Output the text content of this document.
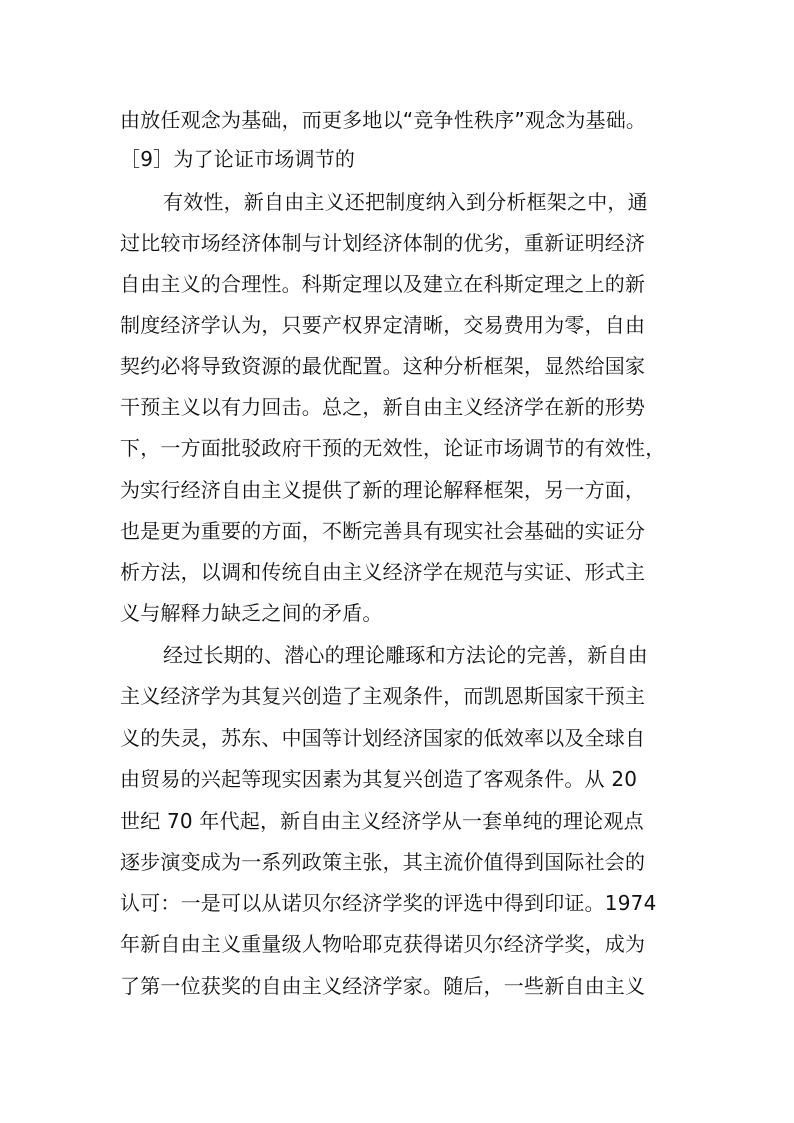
由放任观念为基础，而更多地以“竞争性秩序”观念为基础。
［9］为了论证市场调节的
有效性，新自由主义还把制度纳入到分析框架之中，通
过比较市场经济体制与计划经济体制的优劣，重新证明经济
自由主义的合理性。科斯定理以及建立在科斯定理之上的新
制度经济学认为，只要产权界定清晰，交易费用为零，自由
契约必将导致资源的最优配置。这种分析框架，显然给国家
干预主义以有力回击。总之，新自由主义经济学在新的形势
下，一方面批驳政府干预的无效性，论证市场调节的有效性，
为实行经济自由主义提供了新的理论解释框架，另一方面，
也是更为重要的方面，不断完善具有现实社会基础的实证分
析方法，以调和传统自由主义经济学在规范与实证、形式主
义与解释力缺乏之间的矛盾。
经过长期的、潜心的理论雕琢和方法论的完善，新自由
主义经济学为其复兴创造了主观条件，而凯恩斯国家干预主
义的失灵，苏东、中国等计划经济国家的低效率以及全球自
由贸易的兴起等现实因素为其复兴创造了客观条件。从 20
世纪 70 年代起，新自由主义经济学从一套单纯的理论观点
逐步演变成为一系列政策主张，其主流价值得到国际社会的
认可：一是可以从诺贝尔经济学奖的评选中得到印证。1974
年新自由主义重量级人物哈耶克获得诺贝尔经济学奖，成为
了第一位获奖的自由主义经济学家。随后，一些新自由主义
